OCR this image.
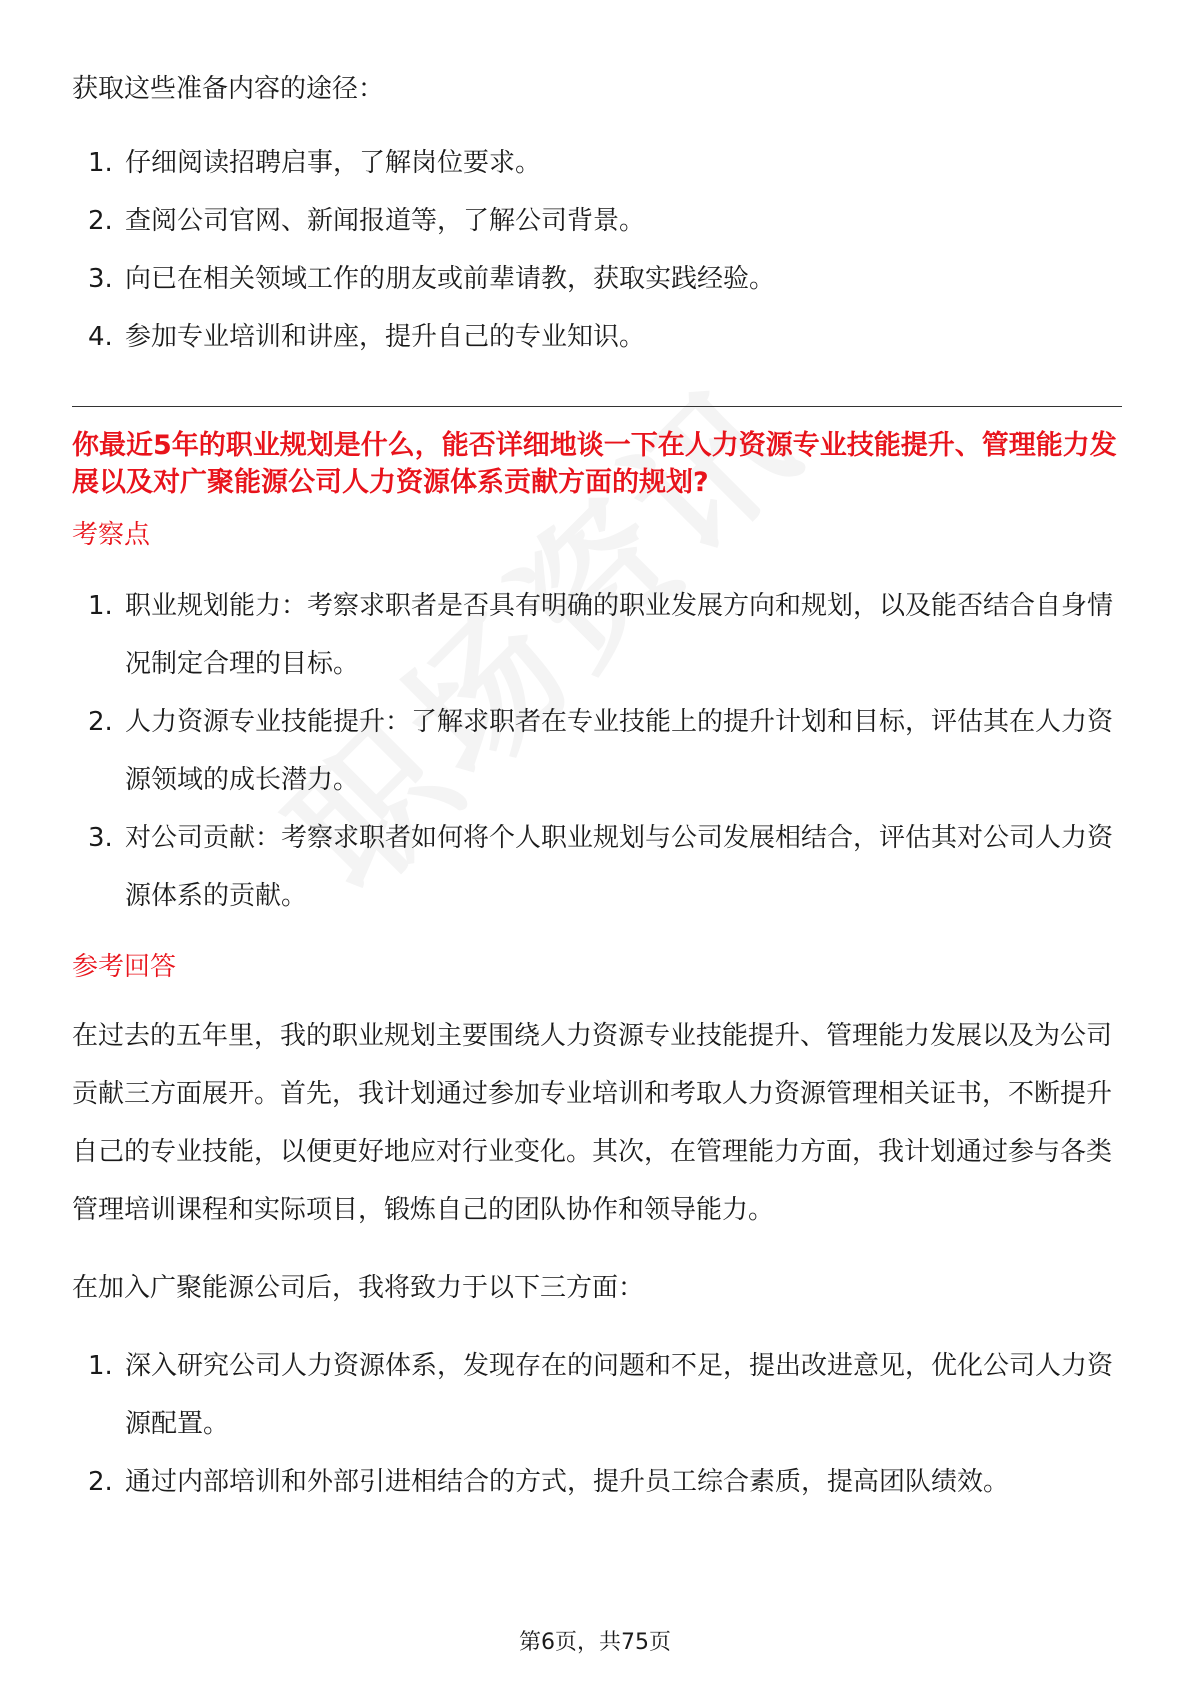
获取这些准备内容的途径：

1. 仔细阅读招聘启事，了解岗位要求。
2. 查阅公司官网、新闻报道等，了解公司背景。
3. 向已在相关领域工作的朋友或前辈请教，获取实践经验。
4. 参加专业培训和讲座，提升自己的专业知识。

你最近5年的职业规划是什么，能否详细地谈一下在人力资源专业技能提升、管理能力发展以及对广聚能源公司人力资源体系贡献方面的规划?

考察点

1. 职业规划能力：考察求职者是否具有明确的职业发展方向和规划，以及能否结合自身情况制定合理的目标。
2. 人力资源专业技能提升：了解求职者在专业技能上的提升计划和目标，评估其在人力资源领域的成长潜力。
3. 对公司贡献：考察求职者如何将个人职业规划与公司发展相结合，评估其对公司人力资源体系的贡献。

参考回答

在过去的五年里，我的职业规划主要围绕人力资源专业技能提升、管理能力发展以及为公司贡献三方面展开。首先，我计划通过参加专业培训和考取人力资源管理相关证书，不断提升自己的专业技能，以便更好地应对行业变化。其次，在管理能力方面，我计划通过参与各类管理培训课程和实际项目，锻炼自己的团队协作和领导能力。

在加入广聚能源公司后，我将致力于以下三方面：

1. 深入研究公司人力资源体系，发现存在的问题和不足，提出改进意见，优化公司人力资源配置。
2. 通过内部培训和外部引进相结合的方式，提升员工综合素质，提高团队绩效。
第6页，共75页
